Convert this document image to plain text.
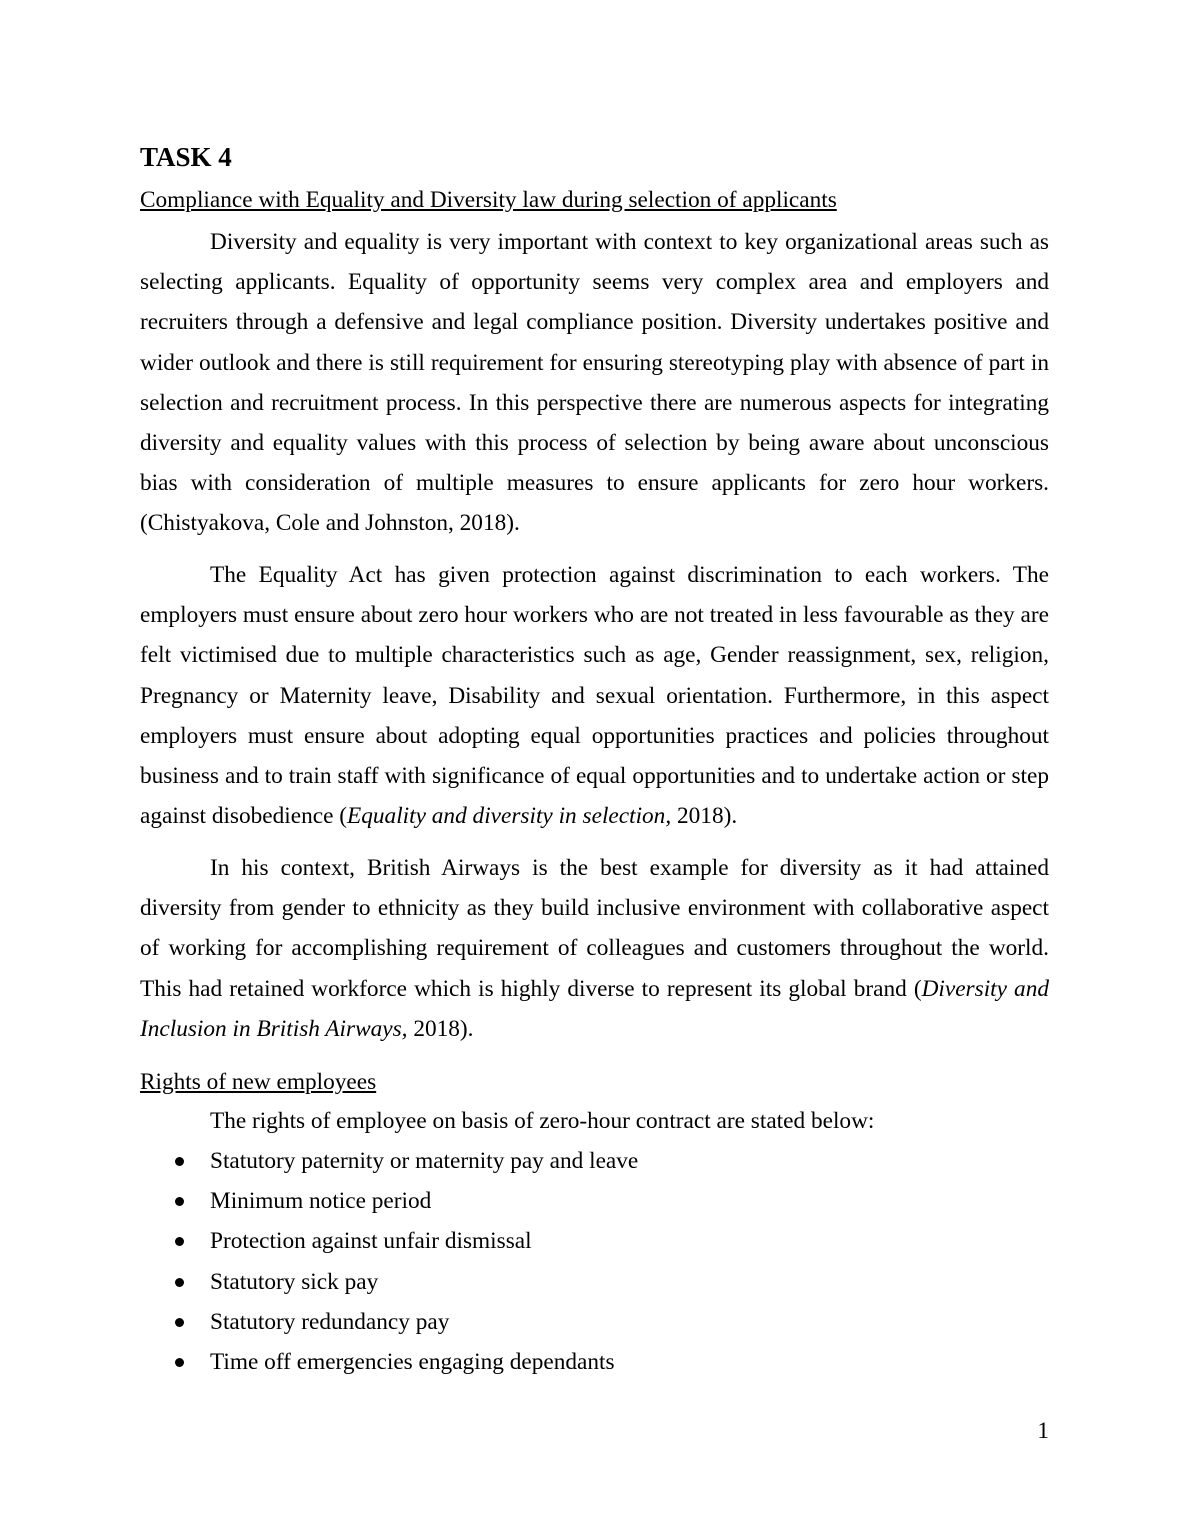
TASK 4
Compliance with Equality and Diversity law during selection of applicants
Diversity and equality is very important with context to key organizational areas such as
selecting applicants. Equality of opportunity seems very complex area and employers and
recruiters through a defensive and legal compliance position. Diversity undertakes positive and
wider outlook and there is still requirement for ensuring stereotyping play with absence of part in
selection and recruitment process. In this perspective there are numerous aspects for integrating
diversity and equality values with this process of selection by being aware about unconscious
bias with consideration of multiple measures to ensure applicants for zero hour workers.
(Chistyakova, Cole and Johnston, 2018).
The Equality Act has given protection against discrimination to each workers. The
employers must ensure about zero hour workers who are not treated in less favourable as they are
felt victimised due to multiple characteristics such as age, Gender reassignment, sex, religion,
Pregnancy or Maternity leave, Disability and sexual orientation. Furthermore, in this aspect
employers must ensure about adopting equal opportunities practices and policies throughout
business and to train staff with significance of equal opportunities and to undertake action or step
against disobedience (Equality and diversity in selection, 2018).
In his context, British Airways is the best example for diversity as it had attained
diversity from gender to ethnicity as they build inclusive environment with collaborative aspect
of working for accomplishing requirement of colleagues and customers throughout the world.
This had retained workforce which is highly diverse to represent its global brand (Diversity and
Inclusion in British Airways, 2018).
Rights of new employees
The rights of employee on basis of zero-hour contract are stated below:
Statutory paternity or maternity pay and leave
Minimum notice period
Protection against unfair dismissal
Statutory sick pay
Statutory redundancy pay
Time off emergencies engaging dependants
1
